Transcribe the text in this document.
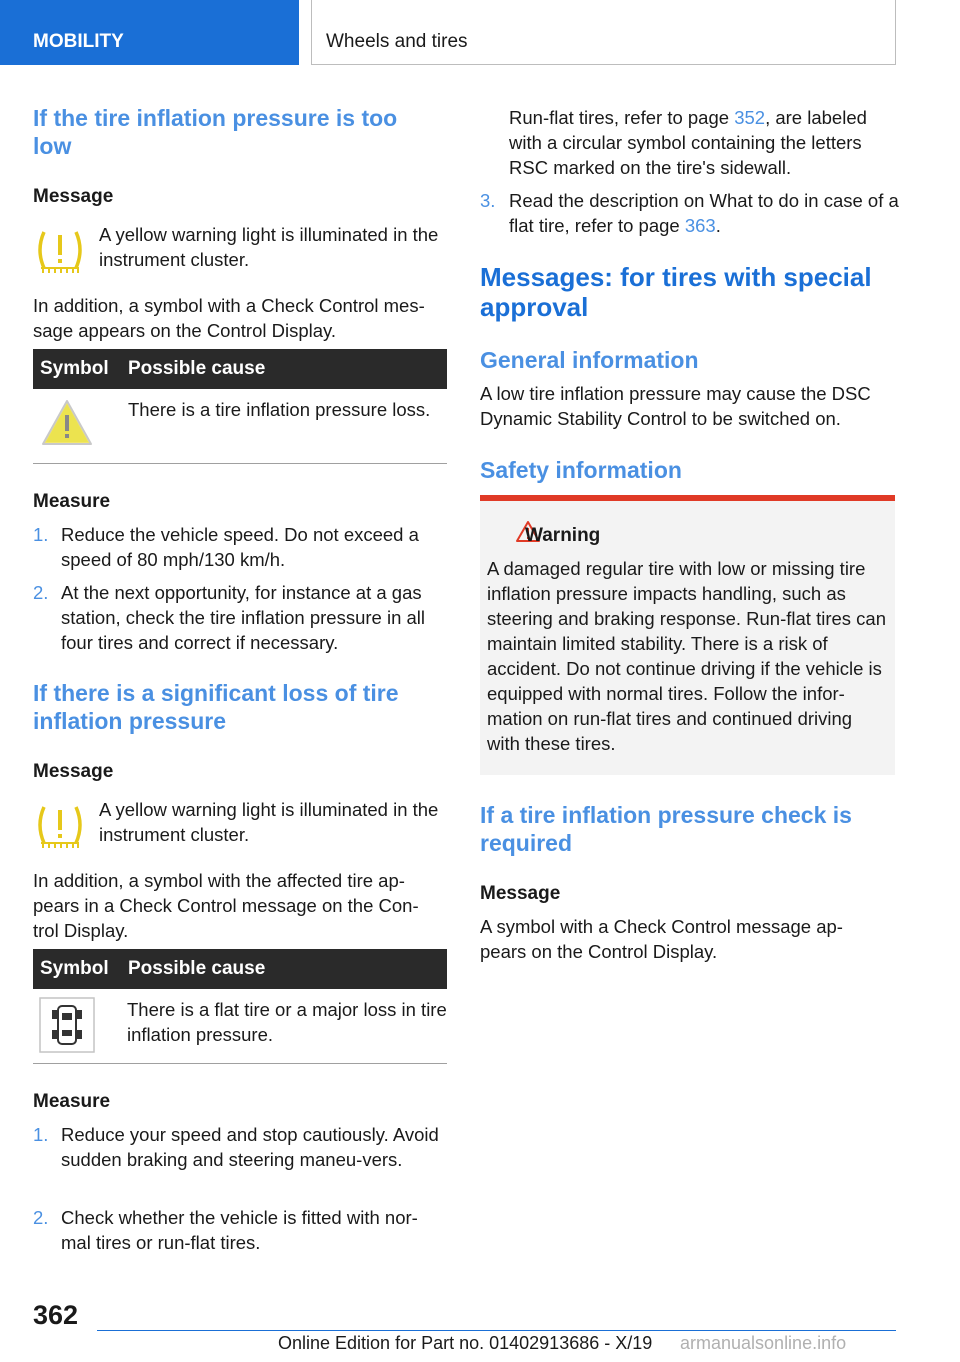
MOBILITY	Wheels and tires
If the tire inflation pressure is too low
Message
A yellow warning light is illuminated in the instrument cluster.
In addition, a symbol with a Check Control mes-sage appears on the Control Display.
Symbol Possible cause
There is a tire inflation pressure loss.
Measure
1. Reduce the vehicle speed. Do not exceed a speed of 80 mph/130 km/h.
2. At the next opportunity, for instance at a gas station, check the tire inflation pressure in all four tires and correct if necessary.
If there is a significant loss of tire inflation pressure
Message
A yellow warning light is illuminated in the instrument cluster.
In addition, a symbol with the affected tire ap-pears in a Check Control message on the Con-trol Display.
Symbol Possible cause
There is a flat tire or a major loss in tire inflation pressure.
Measure
1. Reduce your speed and stop cautiously. Avoid sudden braking and steering maneu-vers.
2. Check whether the vehicle is fitted with nor-mal tires or run-flat tires.
Run-flat tires, refer to page 352, are labeled with a circular symbol containing the letters RSC marked on the tire's sidewall.
3. Read the description on What to do in case of a flat tire, refer to page 363.
Messages: for tires with special approval
General information
A low tire inflation pressure may cause the DSC Dynamic Stability Control to be switched on.
Safety information
Warning
A damaged regular tire with low or missing tire inflation pressure impacts handling, such as steering and braking response. Run-flat tires can maintain limited stability. There is a risk of accident. Do not continue driving if the vehicle is equipped with normal tires. Follow the infor-mation on run-flat tires and continued driving with these tires.
If a tire inflation pressure check is required
Message
A symbol with a Check Control message ap-pears on the Control Display.
362
Online Edition for Part no. 01402913686 - X/19 armanualsonline.info
